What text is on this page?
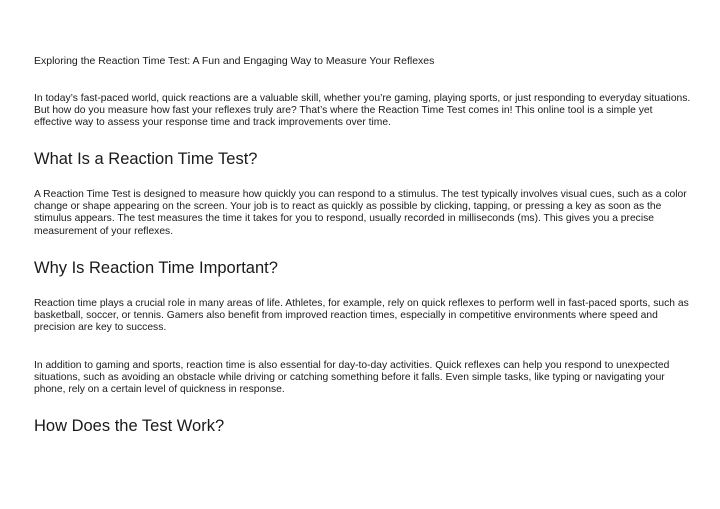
Exploring the Reaction Time Test: A Fun and Engaging Way to Measure Your Reflexes

In today’s fast-paced world, quick reactions are a valuable skill, whether you’re gaming, playing sports, or just responding to everyday situations.
But how do you measure how fast your reflexes truly are? That’s where the Reaction Time Test comes in! This online tool is a simple yet
effective way to assess your response time and track improvements over time.

What Is a Reaction Time Test?

A Reaction Time Test is designed to measure how quickly you can respond to a stimulus. The test typically involves visual cues, such as a color
change or shape appearing on the screen. Your job is to react as quickly as possible by clicking, tapping, or pressing a key as soon as the
stimulus appears. The test measures the time it takes for you to respond, usually recorded in milliseconds (ms). This gives you a precise
measurement of your reflexes.

Why Is Reaction Time Important?

Reaction time plays a crucial role in many areas of life. Athletes, for example, rely on quick reflexes to perform well in fast-paced sports, such as
basketball, soccer, or tennis. Gamers also benefit from improved reaction times, especially in competitive environments where speed and
precision are key to success.

In addition to gaming and sports, reaction time is also essential for day-to-day activities. Quick reflexes can help you respond to unexpected
situations, such as avoiding an obstacle while driving or catching something before it falls. Even simple tasks, like typing or navigating your
phone, rely on a certain level of quickness in response.

How Does the Test Work?
